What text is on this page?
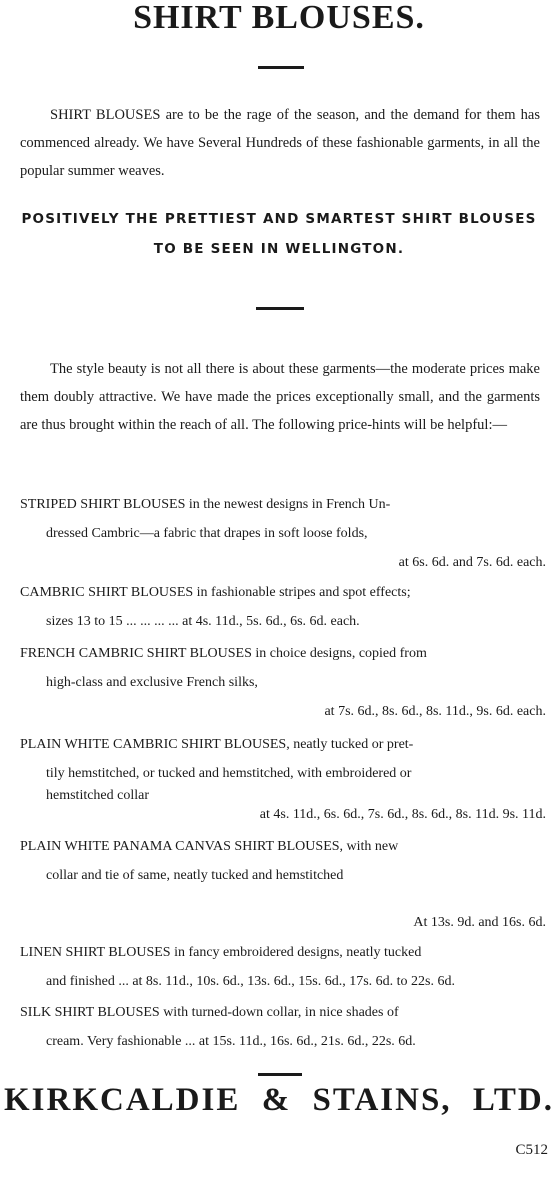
SHIRT BLOUSES.
SHIRT BLOUSES are to be the rage of the season, and the demand for them has commenced already. We have Several Hundreds of these fashionable garments, in all the popular summer weaves.
POSITIVELY THE PRETTIEST AND SMARTEST SHIRT BLOUSES
TO BE SEEN IN WELLINGTON.
The style beauty is not all there is about these garments—the moderate prices make them doubly attractive. We have made the prices exceptionally small, and the garments are thus brought within the reach of all. The following price-hints will be helpful:—
STRIPED SHIRT BLOUSES in the newest designs in French Un-
dressed Cambric—a fabric that drapes in soft loose folds,
at 6s. 6d. and 7s. 6d. each.
CAMBRIC SHIRT BLOUSES in fashionable stripes and spot effects;
sizes 13 to 15 ... ... ... ... at 4s. 11d., 5s. 6d., 6s. 6d. each.
FRENCH CAMBRIC SHIRT BLOUSES in choice designs, copied from
high-class and exclusive French silks,
at 7s. 6d., 8s. 6d., 8s. 11d., 9s. 6d. each.
PLAIN WHITE CAMBRIC SHIRT BLOUSES, neatly tucked or pret-
tily hemstitched, or tucked and hemstitched, with embroidered or
hemstitched collar
at 4s. 11d., 6s. 6d., 7s. 6d., 8s. 6d., 8s. 11d. 9s. 11d.
PLAIN WHITE PANAMA CANVAS SHIRT BLOUSES, with new
collar and tie of same, neatly tucked and hemstitched
At 13s. 9d. and 16s. 6d.
LINEN SHIRT BLOUSES in fancy embroidered designs, neatly tucked
and finished ... at 8s. 11d., 10s. 6d., 13s. 6d., 15s. 6d., 17s. 6d. to 22s. 6d.
SILK SHIRT BLOUSES with turned-down collar, in nice shades of
cream. Very fashionable ... at 15s. 11d., 16s. 6d., 21s. 6d., 22s. 6d.
KIRKCALDIE & STAINS, LTD.
C512
